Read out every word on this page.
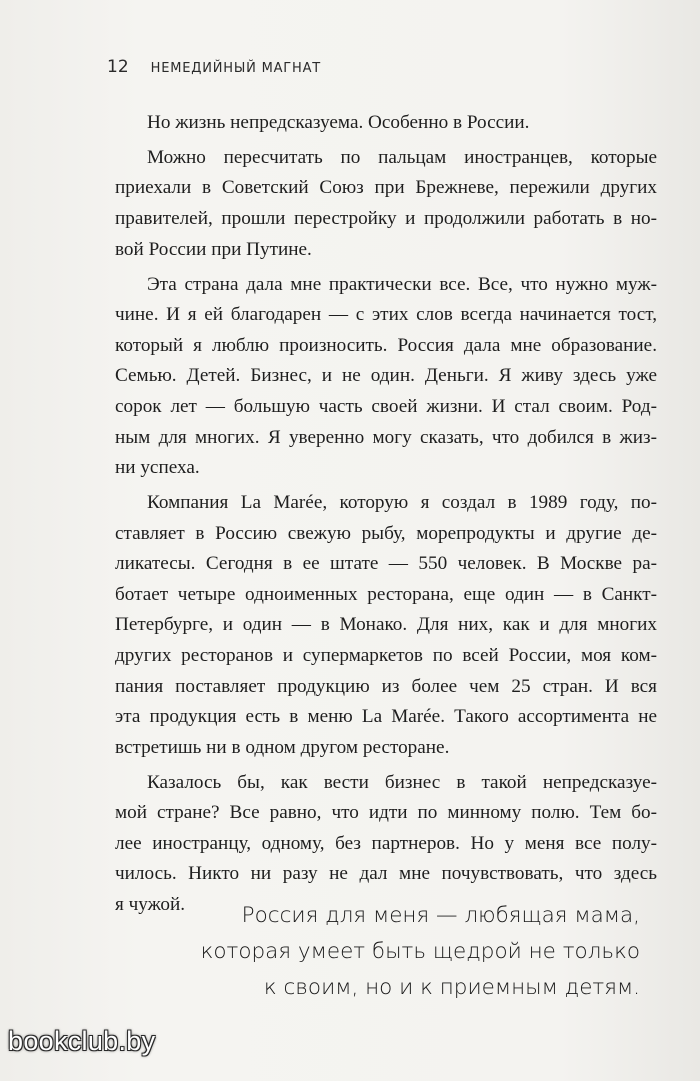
12 НЕМЕДИЙНЫЙ МАГНАТ

Но жизнь непредсказуема. Особенно в России.

Можно пересчитать по пальцам иностранцев, которые
приехали в Советский Союз при Брежневе, пережили других
правителей, прошли перестройку и продолжили работать в но-
вой России при Путине.

Эта страна дала мне практически все. Все, что нужно муж-
чине. И я ей благодарен — с этих слов всегда начинается тост,
который я люблю произносить. Россия дала мне образование.
Семью. Детей. Бизнес, и не один. Деньги. Я живу здесь уже
сорок лет — большую часть своей жизни. И стал своим. Род-
ным для многих. Я уверенно могу сказать, что добился в жиз-
ни успеха.

Компания La Marée, которую я создал в 1989 году, по-
ставляет в Россию свежую рыбу, морепродукты и другие де-
ликатесы. Сегодня в ее штате — 550 человек. В Москве ра-
ботает четыре одноименных ресторана, еще один — в Санкт-
Петербурге, и один — в Монако. Для них, как и для многих
других ресторанов и супермаркетов по всей России, моя ком-
пания поставляет продукцию из более чем 25 стран. И вся
эта продукция есть в меню La Marée. Такого ассортимента не
встретишь ни в одном другом ресторане.

Казалось бы, как вести бизнес в такой непредсказуе-
мой стране? Все равно, что идти по минному полю. Тем бо-
лее иностранцу, одному, без партнеров. Но у меня все полу-
чилось. Никто ни разу не дал мне почувствовать, что здесь
я чужой.	Россия для меня — любящая мама,
которая умеет быть щедрой не только
к своим, но и к приемным детям.
bookclub.by
